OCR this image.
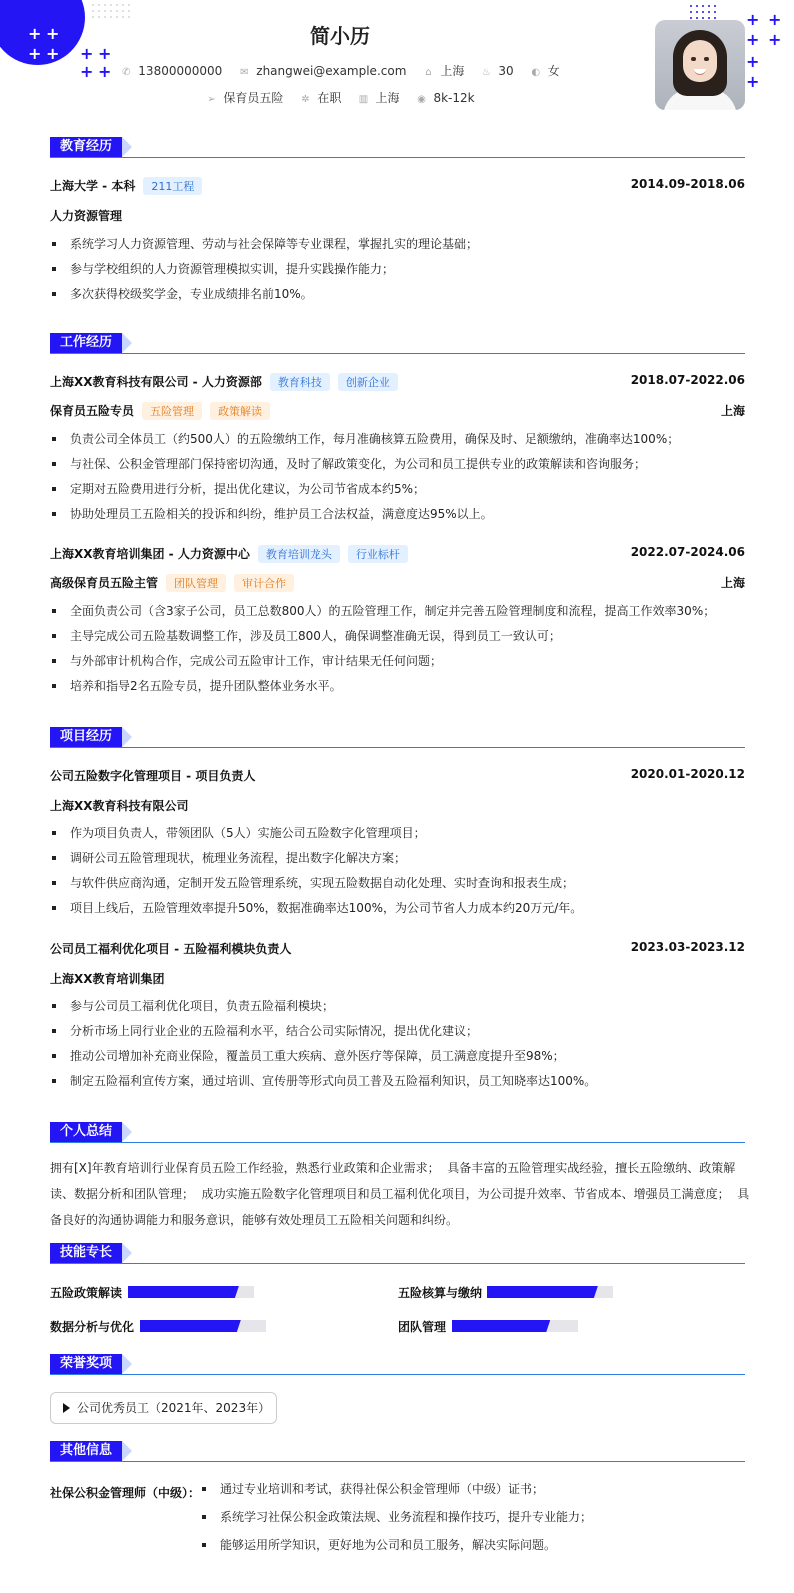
+ +
+ + + +
+ +
+ +
+ +
+
+
简小历
✆ 13800000000 ✉ zhangwei@example.com ⌂ 上海 ♨ 30 ◐ 女
➢ 保育员五险 ✲ 在职 ▥ 上海 ◉ 8k-12k
教育经历
上海大学 - 本科 211工程	2014.09-2018.06
人力资源管理
系统学习人力资源管理、劳动与社会保障等专业课程，掌握扎实的理论基础；
参与学校组织的人力资源管理模拟实训，提升实践操作能力；
多次获得校级奖学金，专业成绩排名前10%。
工作经历
上海XX教育科技有限公司 - 人力资源部 教育科技 创新企业	2018.07-2022.06
保育员五险专员 五险管理 政策解读	上海
负责公司全体员工（约500人）的五险缴纳工作，每月准确核算五险费用，确保及时、足额缴纳，准确率达100%；
与社保、公积金管理部门保持密切沟通，及时了解政策变化，为公司和员工提供专业的政策解读和咨询服务；
定期对五险费用进行分析，提出优化建议，为公司节省成本约5%；
协助处理员工五险相关的投诉和纠纷，维护员工合法权益，满意度达95%以上。
上海XX教育培训集团 - 人力资源中心 教育培训龙头 行业标杆	2022.07-2024.06
高级保育员五险主管 团队管理 审计合作	上海
全面负责公司（含3家子公司，员工总数800人）的五险管理工作，制定并完善五险管理制度和流程，提高工作效率30%；
主导完成公司五险基数调整工作，涉及员工800人，确保调整准确无误，得到员工一致认可；
与外部审计机构合作，完成公司五险审计工作，审计结果无任何问题；
培养和指导2名五险专员，提升团队整体业务水平。
项目经历
公司五险数字化管理项目 - 项目负责人	2020.01-2020.12
上海XX教育科技有限公司
作为项目负责人，带领团队（5人）实施公司五险数字化管理项目；
调研公司五险管理现状，梳理业务流程，提出数字化解决方案；
与软件供应商沟通，定制开发五险管理系统，实现五险数据自动化处理、实时查询和报表生成；
项目上线后，五险管理效率提升50%，数据准确率达100%，为公司节省人力成本约20万元/年。
公司员工福利优化项目 - 五险福利模块负责人	2023.03-2023.12
上海XX教育培训集团
参与公司员工福利优化项目，负责五险福利模块；
分析市场上同行业企业的五险福利水平，结合公司实际情况，提出优化建议；
推动公司增加补充商业保险，覆盖员工重大疾病、意外医疗等保障，员工满意度提升至98%；
制定五险福利宣传方案，通过培训、宣传册等形式向员工普及五险福利知识，员工知晓率达100%。
个人总结
拥有[X]年教育培训行业保育员五险工作经验，熟悉行业政策和企业需求；  具备丰富的五险管理实战经验，擅长五险缴纳、政策解
读、数据分析和团队管理；  成功实施五险数字化管理项目和员工福利优化项目，为公司提升效率、节省成本、增强员工满意度；  具
备良好的沟通协调能力和服务意识，能够有效处理员工五险相关问题和纠纷。
技能专长
五险政策解读	五险核算与缴纳
数据分析与优化	团队管理
荣誉奖项
公司优秀员工（2021年、2023年）
其他信息
社保公积金管理师（中级）：	通过专业培训和考试，获得社保公积金管理师（中级）证书；
系统学习社保公积金政策法规、业务流程和操作技巧，提升专业能力；
能够运用所学知识，更好地为公司和员工服务，解决实际问题。
